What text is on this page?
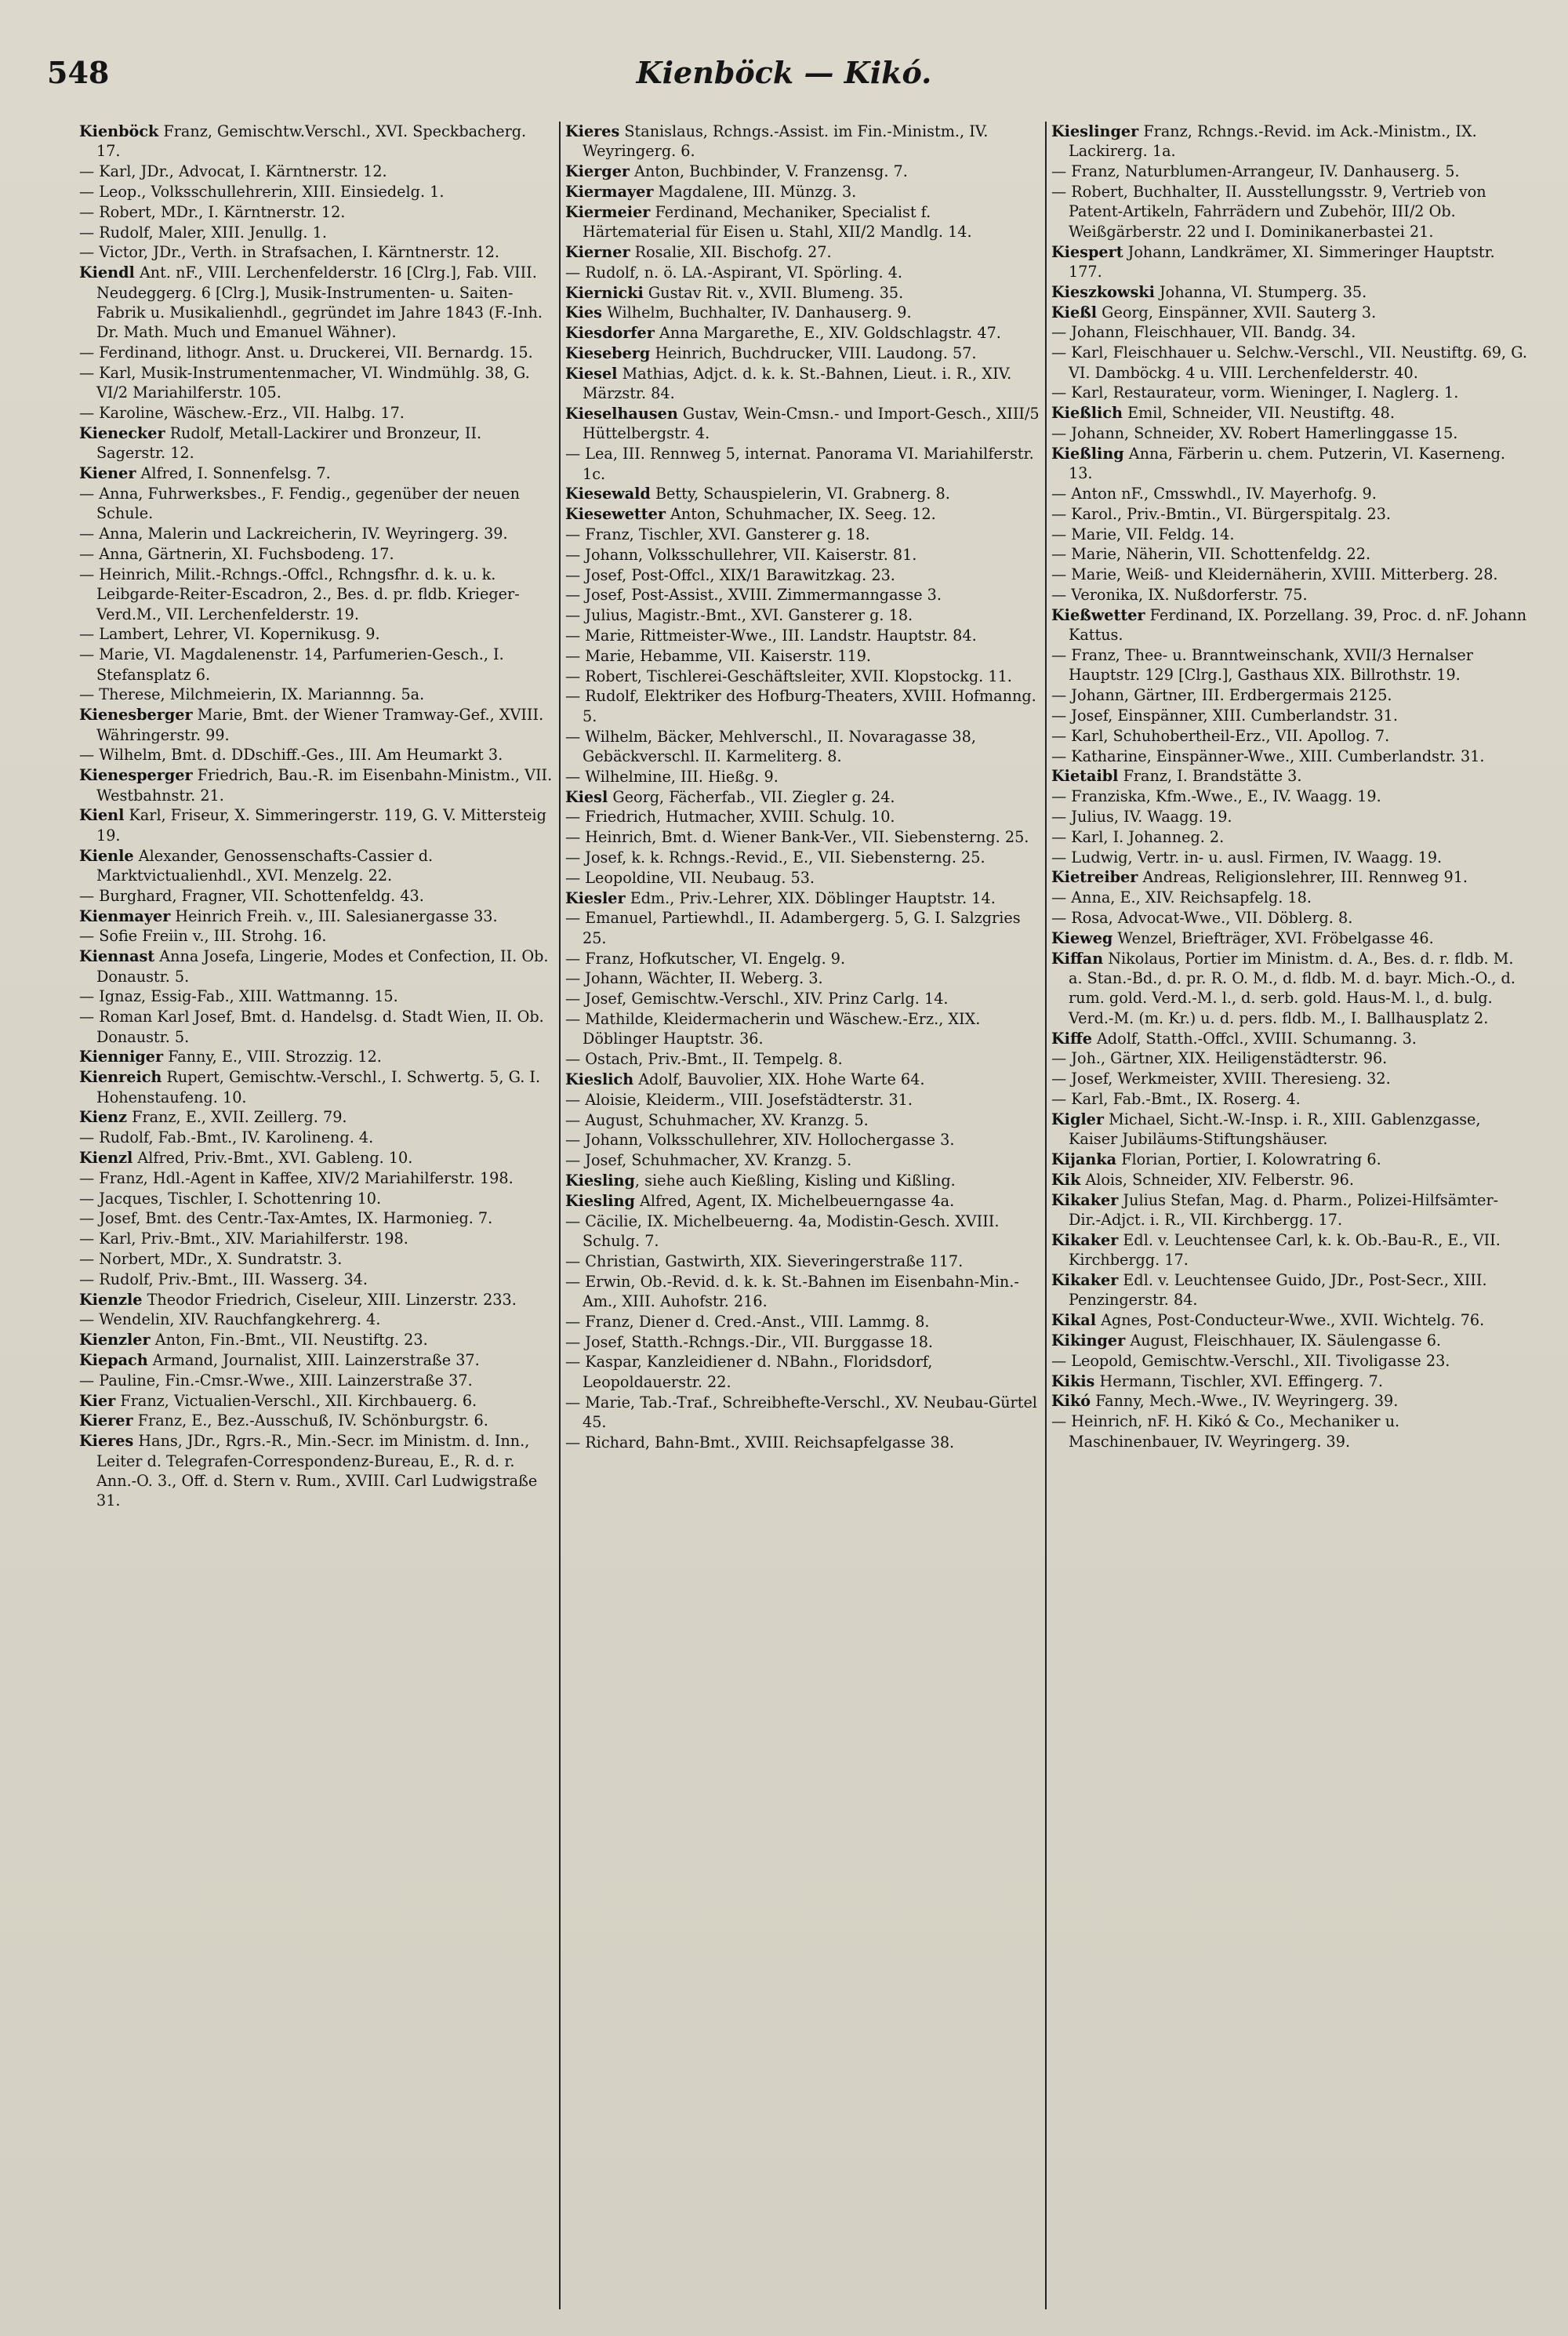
548	Kienböck — Kikó.

Kienböck Franz, Gemischtw.Verschl., XVI. Speckbacherg. 17.

— Karl, JDr., Advocat, I. Kärntnerstr. 12.

— Leop., Volksschullehrerin, XIII. Einsiedelg. 1.

— Robert, MDr., I. Kärntnerstr. 12.

— Rudolf, Maler, XIII. Jenullg. 1.

— Victor, JDr., Verth. in Strafsachen, I. Kärntnerstr. 12.

Kiendl Ant. nF., VIII. Lerchenfelderstr. 16 [Clrg.], Fab. VIII. Neudeggerg. 6 [Clrg.], Musik-Instrumenten- u. Saiten-Fabrik u. Musikalienhdl., gegründet im Jahre 1843 (F.-Inh. Dr. Math. Much und Emanuel Wähner).

— Ferdinand, lithogr. Anst. u. Druckerei, VII. Bernardg. 15.

— Karl, Musik-Instrumentenmacher, VI. Windmühlg. 38, G. VI/2 Mariahilferstr. 105.

— Karoline, Wäschew.-Erz., VII. Halbg. 17.

Kienecker Rudolf, Metall-Lackirer und Bronzeur, II. Sagerstr. 12.

Kiener Alfred, I. Sonnenfelsg. 7.

— Anna, Fuhrwerksbes., F. Fendig., gegenüber der neuen Schule.

— Anna, Malerin und Lackreicherin, IV. Weyringerg. 39.

— Anna, Gärtnerin, XI. Fuchsbodeng. 17.

— Heinrich, Milit.-Rchngs.-Offcl., Rchngsfhr. d. k. u. k. Leibgarde-Reiter-Escadron, 2., Bes. d. pr. fldb. Krieger-Verd.M., VII. Lerchenfelderstr. 19.

— Lambert, Lehrer, VI. Kopernikusg. 9.

— Marie, VI. Magdalenenstr. 14, Parfumerien-Gesch., I. Stefansplatz 6.

— Therese, Milchmeierin, IX. Mariannng. 5a.

Kienesberger Marie, Bmt. der Wiener Tramway-Gef., XVIII. Währingerstr. 99.

— Wilhelm, Bmt. d. DDschiff.-Ges., III. Am Heumarkt 3.

Kienesperger Friedrich, Bau.-R. im Eisenbahn-Ministm., VII. Westbahnstr. 21.

Kienl Karl, Friseur, X. Simmeringerstr. 119, G. V. Mittersteig 19.

Kienle Alexander, Genossenschafts-Cassier d. Marktvictualienhdl., XVI. Menzelg. 22.

— Burghard, Fragner, VII. Schottenfeldg. 43.

Kienmayer Heinrich Freih. v., III. Salesianergasse 33.

— Sofie Freiin v., III. Strohg. 16.

Kiennast Anna Josefa, Lingerie, Modes et Confection, II. Ob. Donaustr. 5.

— Ignaz, Essig-Fab., XIII. Wattmanng. 15.

— Roman Karl Josef, Bmt. d. Handelsg. d. Stadt Wien, II. Ob. Donaustr. 5.

Kienniger Fanny, E., VIII. Strozzig. 12.

Kienreich Rupert, Gemischtw.-Verschl., I. Schwertg. 5, G. I. Hohenstaufeng. 10.

Kienz Franz, E., XVII. Zeillerg. 79.

— Rudolf, Fab.-Bmt., IV. Karolineng. 4.

Kienzl Alfred, Priv.-Bmt., XVI. Gableng. 10.

— Franz, Hdl.-Agent in Kaffee, XIV/2 Mariahilferstr. 198.

— Jacques, Tischler, I. Schottenring 10.

— Josef, Bmt. des Centr.-Tax-Amtes, IX. Harmonieg. 7.

— Karl, Priv.-Bmt., XIV. Mariahilferstr. 198.

— Norbert, MDr., X. Sundratstr. 3.

— Rudolf, Priv.-Bmt., III. Wasserg. 34.

Kienzle Theodor Friedrich, Ciseleur, XIII. Linzerstr. 233.

— Wendelin, XIV. Rauchfangkehrerg. 4.

Kienzler Anton, Fin.-Bmt., VII. Neustiftg. 23.

Kiepach Armand, Journalist, XIII. Lainzerstraße 37.

— Pauline, Fin.-Cmsr.-Wwe., XIII. Lainzerstraße 37.

Kier Franz, Victualien-Verschl., XII. Kirchbauerg. 6.

Kierer Franz, E., Bez.-Ausschuß, IV. Schönburgstr. 6.

Kieres Hans, JDr., Rgrs.-R., Min.-Secr. im Ministm. d. Inn., Leiter d. Telegrafen-Correspondenz-Bureau, E., R. d. r. Ann.-O. 3., Off. d. Stern v. Rum., XVIII. Carl Ludwigstraße 31.

Kieres Stanislaus, Rchngs.-Assist. im Fin.-Ministm., IV. Weyringerg. 6.

Kierger Anton, Buchbinder, V. Franzensg. 7.

Kiermayer Magdalene, III. Münzg. 3.

Kiermeier Ferdinand, Mechaniker, Specialist f. Härtematerial für Eisen u. Stahl, XII/2 Mandlg. 14.

Kierner Rosalie, XII. Bischofg. 27.

— Rudolf, n. ö. LA.-Aspirant, VI. Spörling. 4.

Kiernicki Gustav Rit. v., XVII. Blumeng. 35.

Kies Wilhelm, Buchhalter, IV. Danhauserg. 9.

Kiesdorfer Anna Margarethe, E., XIV. Goldschlagstr. 47.

Kieseberg Heinrich, Buchdrucker, VIII. Laudong. 57.

Kiesel Mathias, Adjct. d. k. k. St.-Bahnen, Lieut. i. R., XIV. Märzstr. 84.

Kieselhausen Gustav, Wein-Cmsn.- und Import-Gesch., XIII/5 Hüttelbergstr. 4.

— Lea, III. Rennweg 5, internat. Panorama VI. Mariahilferstr. 1c.

Kiesewald Betty, Schauspielerin, VI. Grabnerg. 8.

Kiesewetter Anton, Schuhmacher, IX. Seeg. 12.

— Franz, Tischler, XVI. Gansterer g. 18.

— Johann, Volksschullehrer, VII. Kaiserstr. 81.

— Josef, Post-Offcl., XIX/1 Barawitzkag. 23.

— Josef, Post-Assist., XVIII. Zimmermanngasse 3.

— Julius, Magistr.-Bmt., XVI. Gansterer g. 18.

— Marie, Rittmeister-Wwe., III. Landstr. Hauptstr. 84.

— Marie, Hebamme, VII. Kaiserstr. 119.

— Robert, Tischlerei-Geschäftsleiter, XVII. Klopstockg. 11.

— Rudolf, Elektriker des Hofburg-Theaters, XVIII. Hofmanng. 5.

— Wilhelm, Bäcker, Mehlverschl., II. Novaragasse 38, Gebäckverschl. II. Karmeliterg. 8.

— Wilhelmine, III. Hießg. 9.

Kiesl Georg, Fächerfab., VII. Ziegler g. 24.

— Friedrich, Hutmacher, XVIII. Schulg. 10.

— Heinrich, Bmt. d. Wiener Bank-Ver., VII. Siebensterng. 25.

— Josef, k. k. Rchngs.-Revid., E., VII. Siebensterng. 25.

— Leopoldine, VII. Neubaug. 53.

Kiesler Edm., Priv.-Lehrer, XIX. Döblinger Hauptstr. 14.

— Emanuel, Partiewhdl., II. Adambergerg. 5, G. I. Salzgries 25.

— Franz, Hofkutscher, VI. Engelg. 9.

— Johann, Wächter, II. Weberg. 3.

— Josef, Gemischtw.-Verschl., XIV. Prinz Carlg. 14.

— Mathilde, Kleidermacherin und Wäschew.-Erz., XIX. Döblinger Hauptstr. 36.

— Ostach, Priv.-Bmt., II. Tempelg. 8.

Kieslich Adolf, Bauvolier, XIX. Hohe Warte 64.

— Aloisie, Kleiderm., VIII. Josefstädterstr. 31.

— August, Schuhmacher, XV. Kranzg. 5.

— Johann, Volksschullehrer, XIV. Hollochergasse 3.

— Josef, Schuhmacher, XV. Kranzg. 5.

Kiesling, siehe auch Kießling, Kisling und Kißling.

Kiesling Alfred, Agent, IX. Michelbeuerngasse 4a.

— Cäcilie, IX. Michelbeuerng. 4a, Modistin-Gesch. XVIII. Schulg. 7.

— Christian, Gastwirth, XIX. Sieveringerstraße 117.

— Erwin, Ob.-Revid. d. k. k. St.-Bahnen im Eisenbahn-Min.-Am., XIII. Auhofstr. 216.

— Franz, Diener d. Cred.-Anst., VIII. Lammg. 8.

— Josef, Statth.-Rchngs.-Dir., VII. Burggasse 18.

— Kaspar, Kanzleidiener d. NBahn., Floridsdorf, Leopoldauerstr. 22.

— Marie, Tab.-Traf., Schreibhefte-Verschl., XV. Neubau-Gürtel 45.

— Richard, Bahn-Bmt., XVIII. Reichsapfelgasse 38.

Kieslinger Franz, Rchngs.-Revid. im Ack.-Ministm., IX. Lackirerg. 1a.

— Franz, Naturblumen-Arrangeur, IV. Danhauserg. 5.

— Robert, Buchhalter, II. Ausstellungsstr. 9, Vertrieb von Patent-Artikeln, Fahrrädern und Zubehör, III/2 Ob. Weißgärberstr. 22 und I. Dominikanerbastei 21.

Kiespert Johann, Landkrämer, XI. Simmeringer Hauptstr. 177.

Kieszkowski Johanna, VI. Stumperg. 35.

Kießl Georg, Einspänner, XVII. Sauterg 3.

— Johann, Fleischhauer, VII. Bandg. 34.

— Karl, Fleischhauer u. Selchw.-Verschl., VII. Neustiftg. 69, G. VI. Damböckg. 4 u. VIII. Lerchenfelderstr. 40.

— Karl, Restaurateur, vorm. Wieninger, I. Naglerg. 1.

Kießlich Emil, Schneider, VII. Neustiftg. 48.

— Johann, Schneider, XV. Robert Hamerlinggasse 15.

Kießling Anna, Färberin u. chem. Putzerin, VI. Kaserneng. 13.

— Anton nF., Cmsswhdl., IV. Mayerhofg. 9.

— Karol., Priv.-Bmtin., VI. Bürgerspitalg. 23.

— Marie, VII. Feldg. 14.

— Marie, Näherin, VII. Schottenfeldg. 22.

— Marie, Weiß- und Kleidernäherin, XVIII. Mitterberg. 28.

— Veronika, IX. Nußdorferstr. 75.

Kießwetter Ferdinand, IX. Porzellang. 39, Proc. d. nF. Johann Kattus.

— Franz, Thee- u. Branntweinschank, XVII/3 Hernalser Hauptstr. 129 [Clrg.], Gasthaus XIX. Billrothstr. 19.

— Johann, Gärtner, III. Erdbergermais 2125.

— Josef, Einspänner, XIII. Cumberlandstr. 31.

— Karl, Schuhobertheil-Erz., VII. Apollog. 7.

— Katharine, Einspänner-Wwe., XIII. Cumberlandstr. 31.

Kietaibl Franz, I. Brandstätte 3.

— Franziska, Kfm.-Wwe., E., IV. Waagg. 19.

— Julius, IV. Waagg. 19.

— Karl, I. Johanneg. 2.

— Ludwig, Vertr. in- u. ausl. Firmen, IV. Waagg. 19.

Kietreiber Andreas, Religionslehrer, III. Rennweg 91.

— Anna, E., XIV. Reichsapfelg. 18.

— Rosa, Advocat-Wwe., VII. Döblerg. 8.

Kieweg Wenzel, Briefträger, XVI. Fröbelgasse 46.

Kiffan Nikolaus, Portier im Ministm. d. A., Bes. d. r. fldb. M. a. Stan.-Bd., d. pr. R. O. M., d. fldb. M. d. bayr. Mich.-O., d. rum. gold. Verd.-M. l., d. serb. gold. Haus-M. l., d. bulg. Verd.-M. (m. Kr.) u. d. pers. fldb. M., I. Ballhausplatz 2.

Kiffe Adolf, Statth.-Offcl., XVIII. Schumanng. 3.

— Joh., Gärtner, XIX. Heiligenstädterstr. 96.

— Josef, Werkmeister, XVIII. Theresieng. 32.

— Karl, Fab.-Bmt., IX. Roserg. 4.

Kigler Michael, Sicht.-W.-Insp. i. R., XIII. Gablenzgasse, Kaiser Jubiläums-Stiftungshäuser.

Kijanka Florian, Portier, I. Kolowratring 6.

Kik Alois, Schneider, XIV. Felberstr. 96.

Kikaker Julius Stefan, Mag. d. Pharm., Polizei-Hilfsämter-Dir.-Adjct. i. R., VII. Kirchbergg. 17.

Kikaker Edl. v. Leuchtensee Carl, k. k. Ob.-Bau-R., E., VII. Kirchbergg. 17.

Kikaker Edl. v. Leuchtensee Guido, JDr., Post-Secr., XIII. Penzingerstr. 84.

Kikal Agnes, Post-Conducteur-Wwe., XVII. Wichtelg. 76.

Kikinger August, Fleischhauer, IX. Säulengasse 6.

— Leopold, Gemischtw.-Verschl., XII. Tivoligasse 23.

Kikis Hermann, Tischler, XVI. Effingerg. 7.

Kikó Fanny, Mech.-Wwe., IV. Weyringerg. 39.

— Heinrich, nF. H. Kikó & Co., Mechaniker u. Maschinenbauer, IV. Weyringerg. 39.
